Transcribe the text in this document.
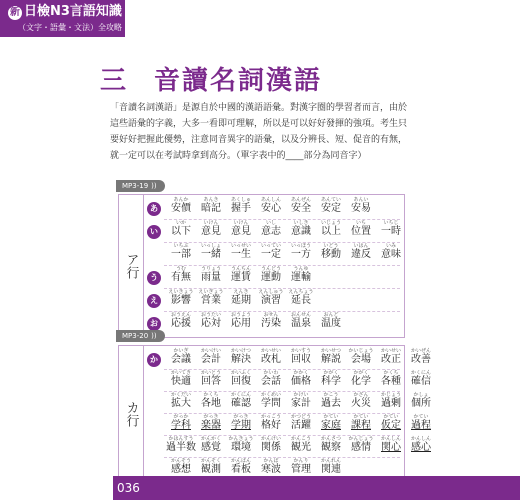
新 日檢N3言語知識
（文字・語彙・文法）全攻略
三 音讀名詞漢語
「音讀名詞漢語」是源自於中國的漢語語彙。對漢字圈的學習者而言，由於這些語彙的字義，大多一看即可理解，所以是可以好好發揮的強項。考生只要好好把握此優勢，注意同音異字的語彙，以及分辨長、短、促音的有無，就一定可以在考試時拿到高分。（單字表中的____部分為同音字）
MP3-19 ))
ア行
あ
あんか
安價
あんき
暗記
あくしゅ
握手
あんしん
安心
あんぜん
安全
あんてい
安定
あんい
安易
い
いか
以下
いけん
意見
いけん
意見
いし
意志
いしき
意識
いじょう
以上
いち
位置
いちじ
一時
いちぶ
一部
いっしょ
一緒
いっせい
一生
いってい
一定
いっぽう
一方
いどう
移動
いはん
違反
いみ
意味
う
うむ
有無
うりょう
雨量
うんちん
運賃
うんどう
運動
うんゆ
運輸
え
えいきょう
影響
えいぎょう
営業
えんき
延期
えんしゅう
演習
えんちょう
延長
お
おうえん
応援
おうたい
応対
おうよう
応用
おせん
汚染
おんせん
温泉
おんど
温度
MP3-20 ))
カ行
か
かいぎ
会議
かいけい
会計
かいけつ
解決
かいせい
改札
かいすう
回収
かいせつ
解説
かいじょう
会場
かいせい
改正
かいぜん
改善
かいてき
快適
かいとう
回答
かいふく
回復
かいわ
会話
かかく
価格
かがく
科学
かがく
化学
かくち
各種
かくにん
確信
かくだい
拡大
かくち
各地
かくにん
確認
かくめい
学問
かけい
家計
かこう
過去
かざん
火災
かじょう
過剰
かしょ
個所
がっか
学科
がっき
楽器
がっき
学期
かっこう
格好
かつどう
活躍
かてい
家庭
かてい
課程
かてい
仮定
かてい
過程
かはんすう
過半数
かんかく
感覚
かんきょう
環境
かんけい
関係
かんこう
観光
かんさつ
観察
かんじょう
感情
かんしん
関心
かんしん
感心
かんそう
感想
かんそく
観測
かんばん
看板
かんぱ
寒波
かんり
管理
かんれん
関連
036
